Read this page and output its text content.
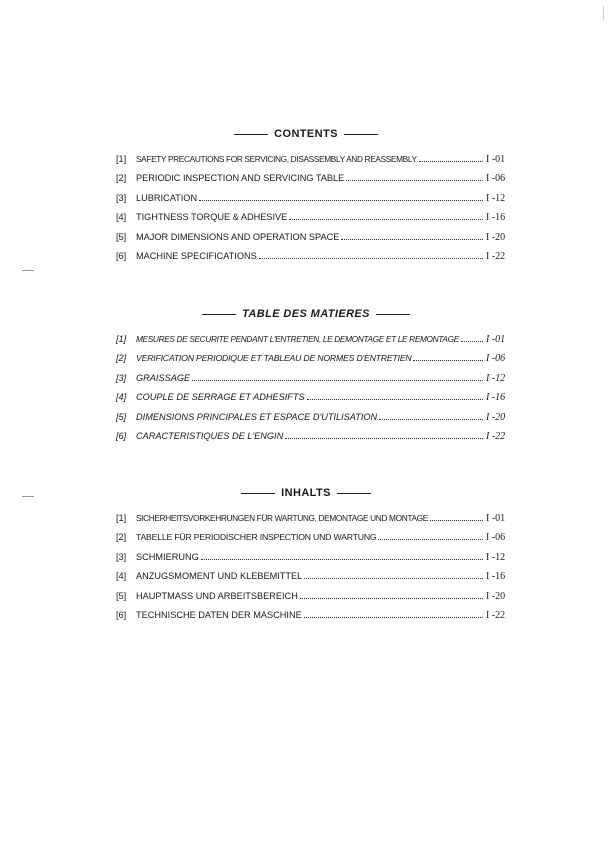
CONTENTS
[1]	SAFETY PRECAUTIONS FOR SERVICING, DISASSEMBLY AND REASSEMBLY	I -01
[2]	PERIODIC INSPECTION AND SERVICING TABLE	I -06
[3]	LUBRICATION	I -12
[4]	TIGHTNESS TORQUE & ADHESIVE	I -16
[5]	MAJOR DIMENSIONS AND OPERATION SPACE	I -20
[6]	MACHINE SPECIFICATIONS	I -22
TABLE DES MATIERES
[1]	MESURES DE SECURITE PENDANT L'ENTRETIEN, LE DEMONTAGE ET LE REMONTAGE	I -01
[2]	VERIFICATION PERIODIQUE ET TABLEAU DE NORMES D'ENTRETIEN	I -06
[3]	GRAISSAGE	I -12
[4]	COUPLE DE SERRAGE ET ADHESIFTS	I -16
[5]	DIMENSIONS PRINCIPALES ET ESPACE D'UTILISATION	I -20
[6]	CARACTERISTIQUES DE L'ENGIN	I -22
INHALTS
[1]	SICHERHEITSVORKEHRUNGEN FÜR WARTUNG, DEMONTAGE UND MONTAGE	I -01
[2]	TABELLE FÜR PERIODISCHER INSPECTION UND WARTUNG	I -06
[3]	SCHMIERUNG	I -12
[4]	ANZUGSMOMENT UND KLEBEMITTEL	I -16
[5]	HAUPTMASS UND ARBEITSBEREICH	I -20
[6]	TECHNISCHE DATEN DER MASCHINE	I -22
